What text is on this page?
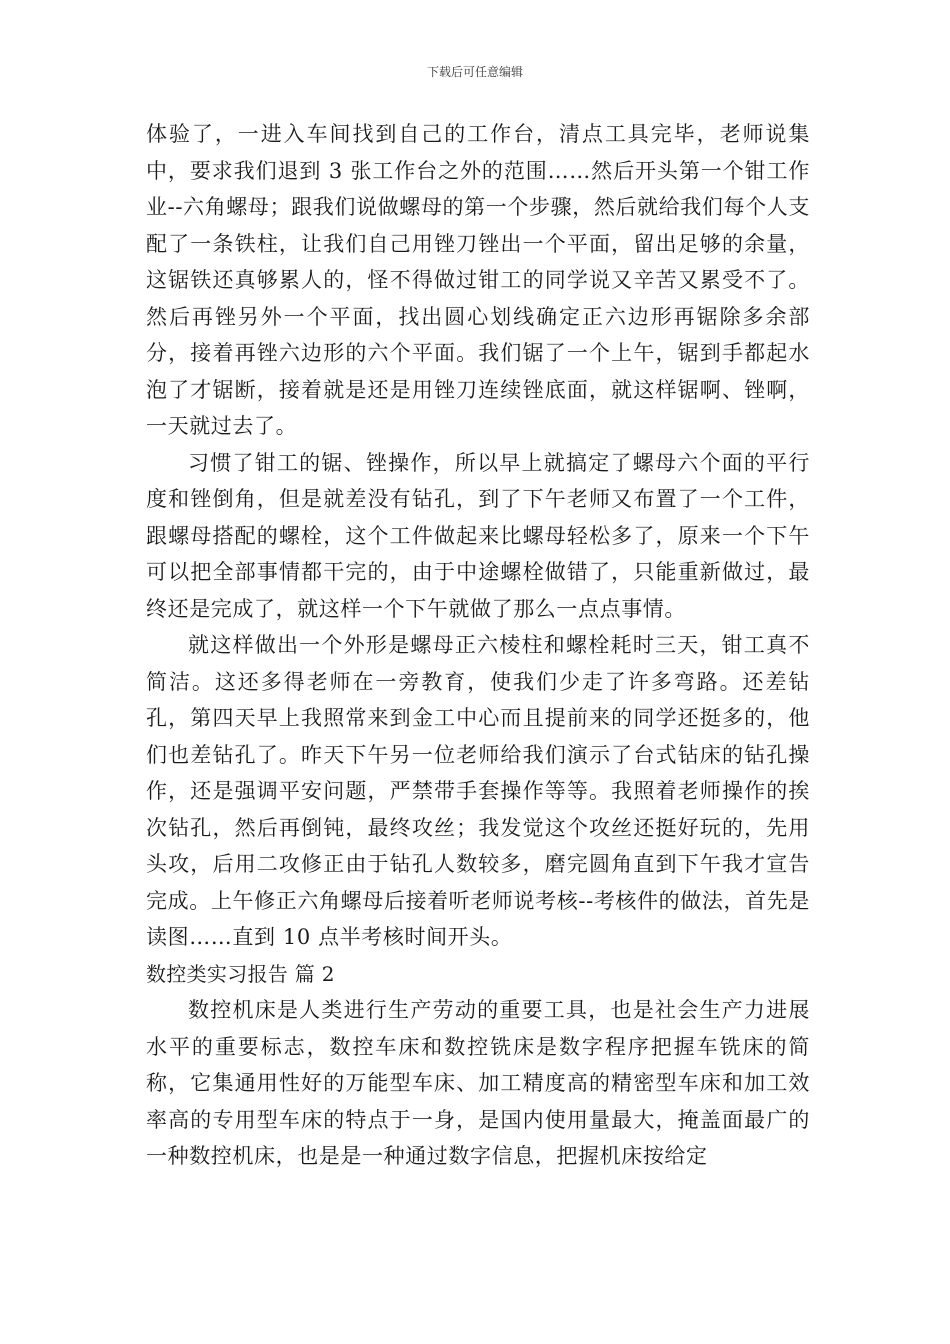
下载后可任意编辑

体验了，一进入车间找到自己的工作台，清点工具完毕，老师说集中，要求我们退到 3 张工作台之外的范围……然后开头第一个钳工作业--六角螺母；跟我们说做螺母的第一个步骤，然后就给我们每个人支配了一条铁柱，让我们自己用锉刀锉出一个平面，留出足够的余量，这锯铁还真够累人的，怪不得做过钳工的同学说又辛苦又累受不了。然后再锉另外一个平面，找出圆心划线确定正六边形再锯除多余部分，接着再锉六边形的六个平面。我们锯了一个上午，锯到手都起水泡了才锯断，接着就是还是用锉刀连续锉底面，就这样锯啊、锉啊，一天就过去了。

习惯了钳工的锯、锉操作，所以早上就搞定了螺母六个面的平行度和锉倒角，但是就差没有钻孔，到了下午老师又布置了一个工件，跟螺母搭配的螺栓，这个工件做起来比螺母轻松多了，原来一个下午可以把全部事情都干完的，由于中途螺栓做错了，只能重新做过，最终还是完成了，就这样一个下午就做了那么一点点事情。

就这样做出一个外形是螺母正六棱柱和螺栓耗时三天，钳工真不简洁。这还多得老师在一旁教育，使我们少走了许多弯路。还差钻孔，第四天早上我照常来到金工中心而且提前来的同学还挺多的，他们也差钻孔了。昨天下午另一位老师给我们演示了台式钻床的钻孔操作，还是强调平安问题，严禁带手套操作等等。我照着老师操作的挨次钻孔，然后再倒钝，最终攻丝；我发觉这个攻丝还挺好玩的，先用头攻，后用二攻修正由于钻孔人数较多，磨完圆角直到下午我才宣告完成。上午修正六角螺母后接着听老师说考核--考核件的做法，首先是读图……直到 10 点半考核时间开头。

数控类实习报告 篇 2

数控机床是人类进行生产劳动的重要工具，也是社会生产力进展水平的重要标志，数控车床和数控铣床是数字程序把握车铣床的简称，它集通用性好的万能型车床、加工精度高的精密型车床和加工效率高的专用型车床的特点于一身，是国内使用量最大，掩盖面最广的一种数控机床，也是是一种通过数字信息，把握机床按给定
